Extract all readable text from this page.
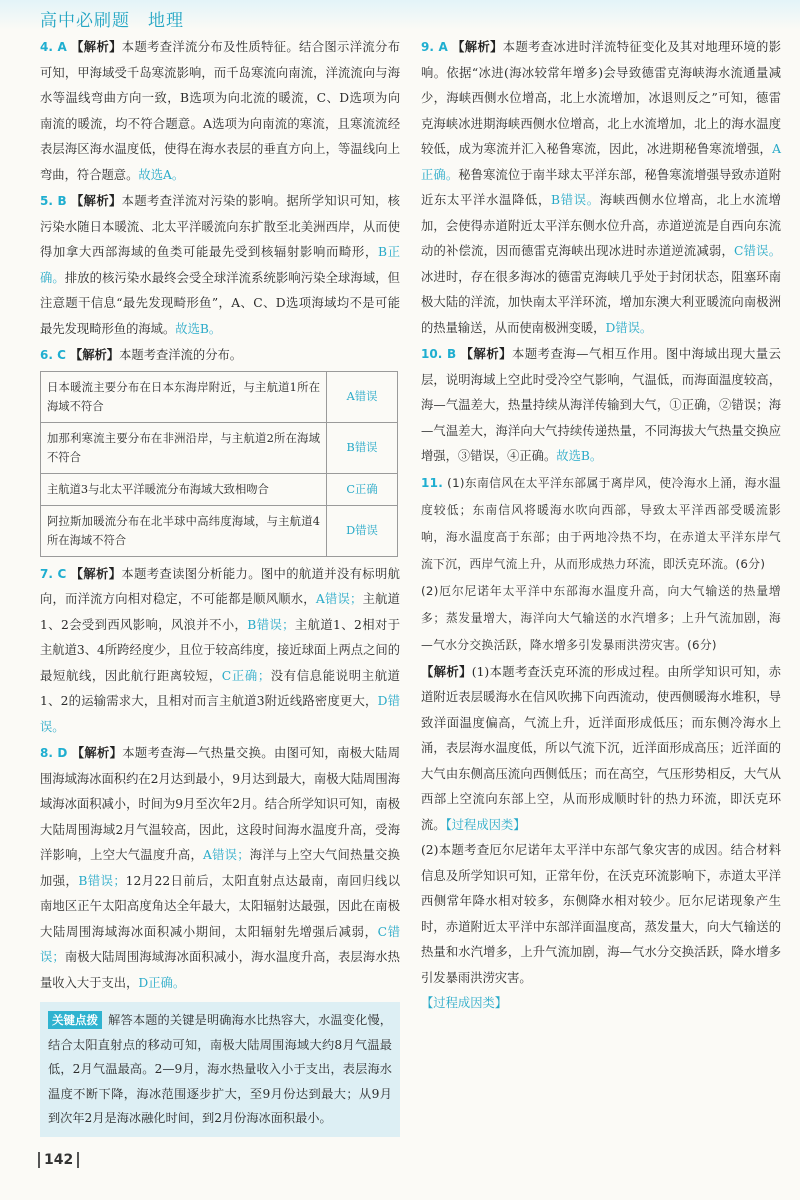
高中必刷题　地理
4. A 【解析】本题考查洋流分布及性质特征。结合图示洋流分布可知，甲海域受千岛寒流影响，而千岛寒流向南流，洋流流向与海水等温线弯曲方向一致，B选项为向北流的暖流，C、D选项为向南流的暖流，均不符合题意。A选项为向南流的寒流，且寒流流经表层海区海水温度低，使得在海水表层的垂直方向上，等温线向上弯曲，符合题意。故选A。
5. B 【解析】本题考查洋流对污染的影响。据所学知识可知，核污染水随日本暖流、北太平洋暖流向东扩散至北美洲西岸，从而使得加拿大西部海域的鱼类可能最先受到核辐射影响而畸形，B正确。排放的核污染水最终会受全球洋流系统影响污染全球海域，但注意题干信息“最先发现畸形鱼”，A、C、D选项海域均不是可能最先发现畸形鱼的海域。故选B。
6. C 【解析】本题考查洋流的分布。
日本暖流主要分布在日本东海岸附近，与主航道1所在海域不符合	A错误
加那利寒流主要分布在非洲沿岸，与主航道2所在海域不符合	B错误
主航道3与北太平洋暖流分布海域大致相吻合	C正确
阿拉斯加暖流分布在北半球中高纬度海域，与主航道4所在海域不符合	D错误
7. C 【解析】本题考查读图分析能力。图中的航道并没有标明航向，而洋流方向相对稳定，不可能都是顺风顺水，A错误；主航道1、2会受到西风影响，风浪并不小，B错误；主航道1、2相对于主航道3、4所跨经度少，且位于较高纬度，接近球面上两点之间的最短航线，因此航行距离较短，C正确；没有信息能说明主航道1、2的运输需求大，且相对而言主航道3附近线路密度更大，D错误。
8. D 【解析】本题考查海—气热量交换。由图可知，南极大陆周围海域海冰面积约在2月达到最小，9月达到最大，南极大陆周围海域海冰面积减小，时间为9月至次年2月。结合所学知识可知，南极大陆周围海域2月气温较高，因此，这段时间海水温度升高，受海洋影响，上空大气温度升高，A错误；海洋与上空大气间热量交换加强，B错误；12月22日前后，太阳直射点达最南，南回归线以南地区正午太阳高度角达全年最大，太阳辐射达最强，因此在南极大陆周围海域海冰面积减小期间，太阳辐射先增强后减弱，C错误；南极大陆周围海域海冰面积减小，海水温度升高，表层海水热量收入大于支出，D正确。
关键点拨 解答本题的关键是明确海水比热容大，水温变化慢，结合太阳直射点的移动可知，南极大陆周围海域大约8月气温最低，2月气温最高。2—9月，海水热量收入小于支出，表层海水温度不断下降，海冰范围逐步扩大，至9月份达到最大；从9月到次年2月是海冰融化时间，到2月份海冰面积最小。
9. A 【解析】本题考查冰进时洋流特征变化及其对地理环境的影响。依据“冰进(海冰较常年增多)会导致德雷克海峡海水流通量减少，海峡西侧水位增高，北上水流增加，冰退则反之”可知，德雷克海峡冰进期海峡西侧水位增高，北上水流增加，北上的海水温度较低，成为寒流并汇入秘鲁寒流，因此，冰进期秘鲁寒流增强，A正确。秘鲁寒流位于南半球太平洋东部，秘鲁寒流增强导致赤道附近东太平洋水温降低，B错误。海峡西侧水位增高，北上水流增加，会使得赤道附近太平洋东侧水位升高，赤道逆流是自西向东流动的补偿流，因而德雷克海峡出现冰进时赤道逆流减弱，C错误。冰进时，存在很多海冰的德雷克海峡几乎处于封闭状态，阻塞环南极大陆的洋流，加快南太平洋环流，增加东澳大利亚暖流向南极洲的热量输送，从而使南极洲变暖，D错误。
10. B 【解析】本题考查海—气相互作用。图中海域出现大量云层，说明海域上空此时受冷空气影响，气温低，而海面温度较高，海—气温差大，热量持续从海洋传输到大气，①正确，②错误；海—气温差大，海洋向大气持续传递热量，不同海拔大气热量交换应增强，③错误，④正确。故选B。
11. (1)东南信风在太平洋东部属于离岸风，使冷海水上涌，海水温度较低；东南信风将暖海水吹向西部，导致太平洋西部受暖流影响，海水温度高于东部；由于两地冷热不均，在赤道太平洋东岸气流下沉，西岸气流上升，从而形成热力环流，即沃克环流。(6分)
(2)厄尔尼诺年太平洋中东部海水温度升高，向大气输送的热量增多；蒸发量增大，海洋向大气输送的水汽增多；上升气流加剧，海—气水分交换活跃，降水增多引发暴雨洪涝灾害。(6分)
【解析】(1)本题考查沃克环流的形成过程。由所学知识可知，赤道附近表层暖海水在信风吹拂下向西流动，使西侧暖海水堆积，导致洋面温度偏高，气流上升，近洋面形成低压；而东侧冷海水上涌，表层海水温度低，所以气流下沉，近洋面形成高压；近洋面的大气由东侧高压流向西侧低压；而在高空，气压形势相反，大气从西部上空流向东部上空，从而形成顺时针的热力环流，即沃克环流。【过程成因类】
(2)本题考查厄尔尼诺年太平洋中东部气象灾害的成因。结合材料信息及所学知识可知，正常年份，在沃克环流影响下，赤道太平洋西侧常年降水相对较多，东侧降水相对较少。厄尔尼诺现象产生时，赤道附近太平洋中东部洋面温度高，蒸发量大，向大气输送的热量和水汽增多，上升气流加剧，海—气水分交换活跃，降水增多引发暴雨洪涝灾害。
【过程成因类】
142
